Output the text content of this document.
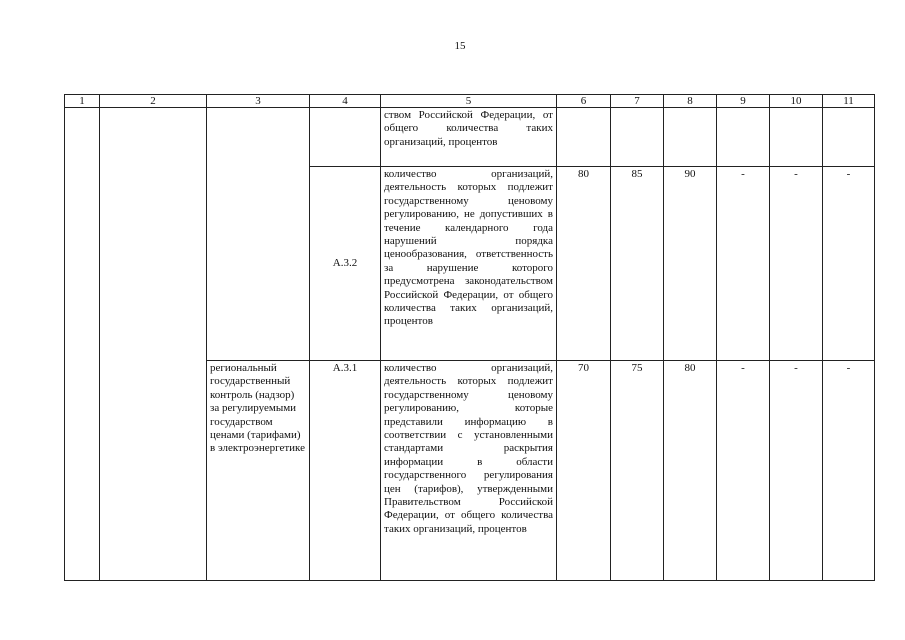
15
1	2	3	4	5	6	7	8	9	10	11
				ством Российской Федерации, от общего количества таких организаций, процентов						
			А.3.2	количество организаций, деятельность которых подлежит государственному ценовому регулированию, не допустивших в течение календарного года нарушений порядка ценообразования, ответственность за нарушение которого предусмотрена законодательством Российской Федерации, от общего количества таких организаций, процентов	80	85	90	-	-	-
		региональный государственный контроль (надзор) за регулируемыми государством ценами (тарифами) в электроэнергетике	А.3.1	количество организаций, деятельность которых подлежит государственному ценовому регулированию, которые представили информацию в соответствии с установленными стандартами раскрытия информации в области государственного регулирования цен (тарифов), утвержденными Правительством Российской Федерации, от общего количества таких организаций, процентов	70	75	80	-	-	-
